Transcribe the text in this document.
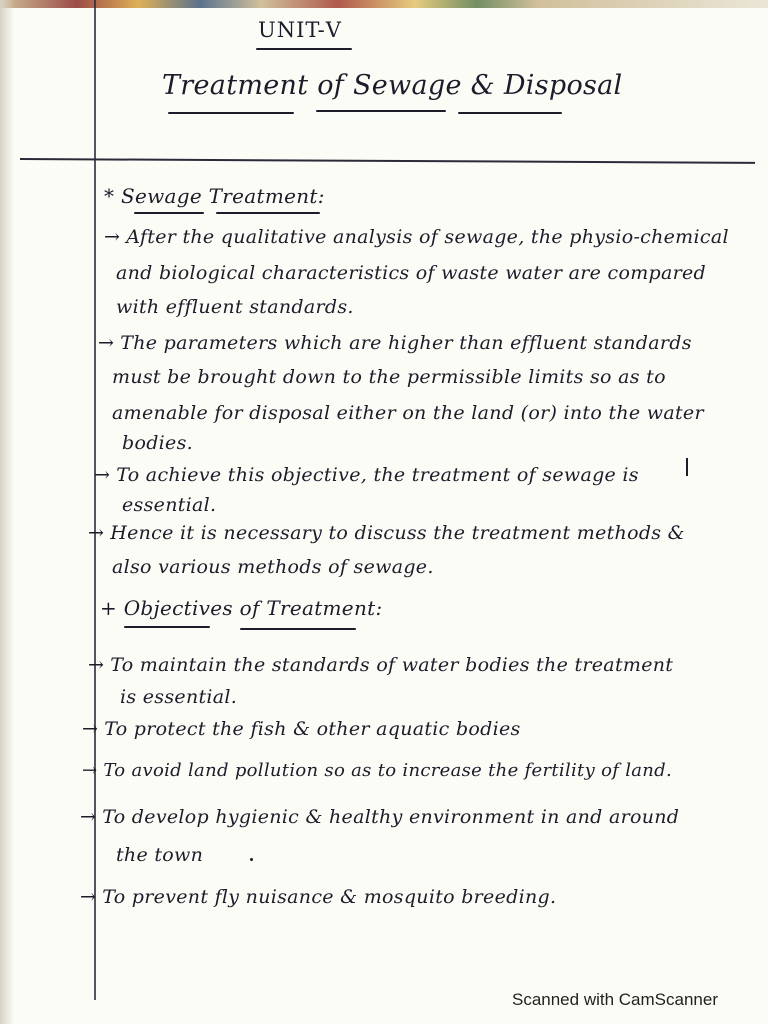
UNIT-Ⅴ
Treatment of Sewage & Disposal
* Sewage Treatment:
→ After the qualitative analysis of sewage, the physio-chemical
and biological characteristics of waste water are compared
with effluent standards.
→ The parameters which are higher than effluent standards
must be brought down to the permissible limits so as to
amenable for disposal either on the land (or) into the water
bodies.
→ To achieve this objective, the treatment of sewage is
essential.
→ Hence it is necessary to discuss the treatment methods &
also various methods of sewage.
+ Objectives of Treatment:
→ To maintain the standards of water bodies the treatment
is essential.
→ To protect the fish & other aquatic bodies
→ To avoid land pollution so as to increase the fertility of land.
→ To develop hygienic & healthy environment in and around
the town
→ To prevent fly nuisance & mosquito breeding.
Scanned with CamScanner
